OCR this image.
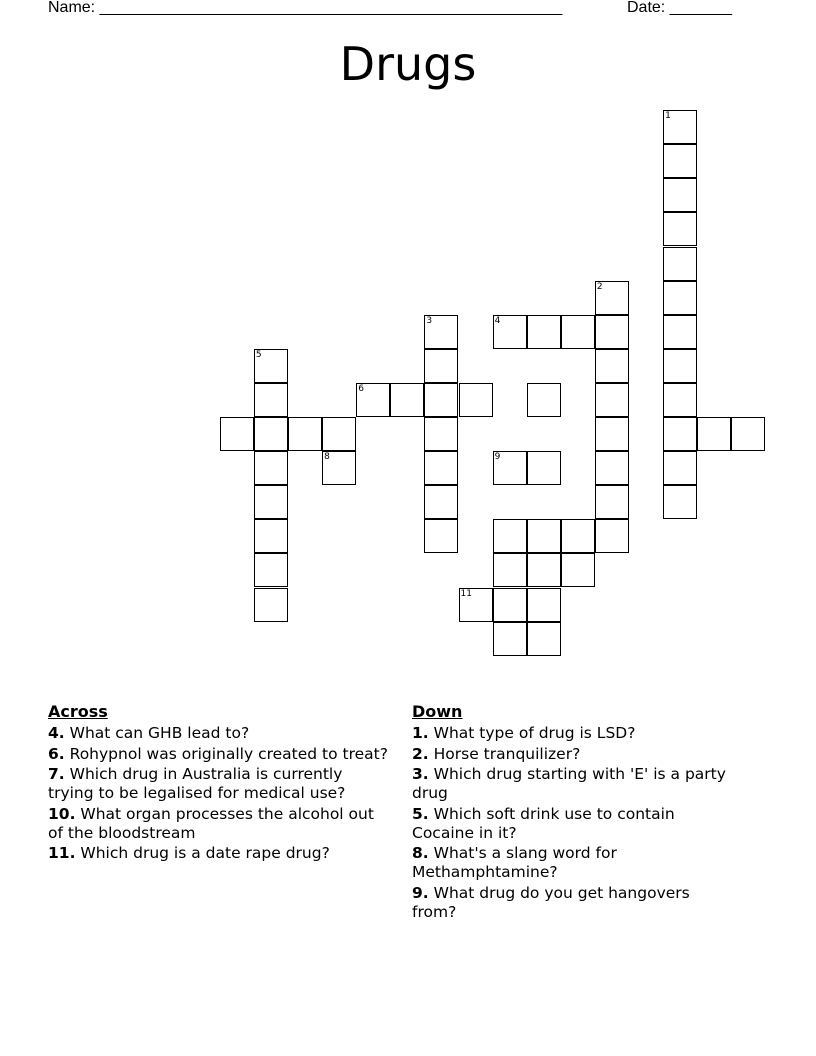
Name: ____________________________________________________	Date: _______
Drugs
1
2
3	4
5
6
8	9
11
Across
4. What can GHB lead to?
6. Rohypnol was originally created to treat?
7. Which drug in Australia is currently trying to be legalised for medical use?
10. What organ processes the alcohol out of the bloodstream
11. Which drug is a date rape drug?
Down
1. What type of drug is LSD?
2. Horse tranquilizer?
3. Which drug starting with 'E' is a party drug
5. Which soft drink use to contain Cocaine in it?
8. What's a slang word for Methamphtamine?
9. What drug do you get hangovers from?
